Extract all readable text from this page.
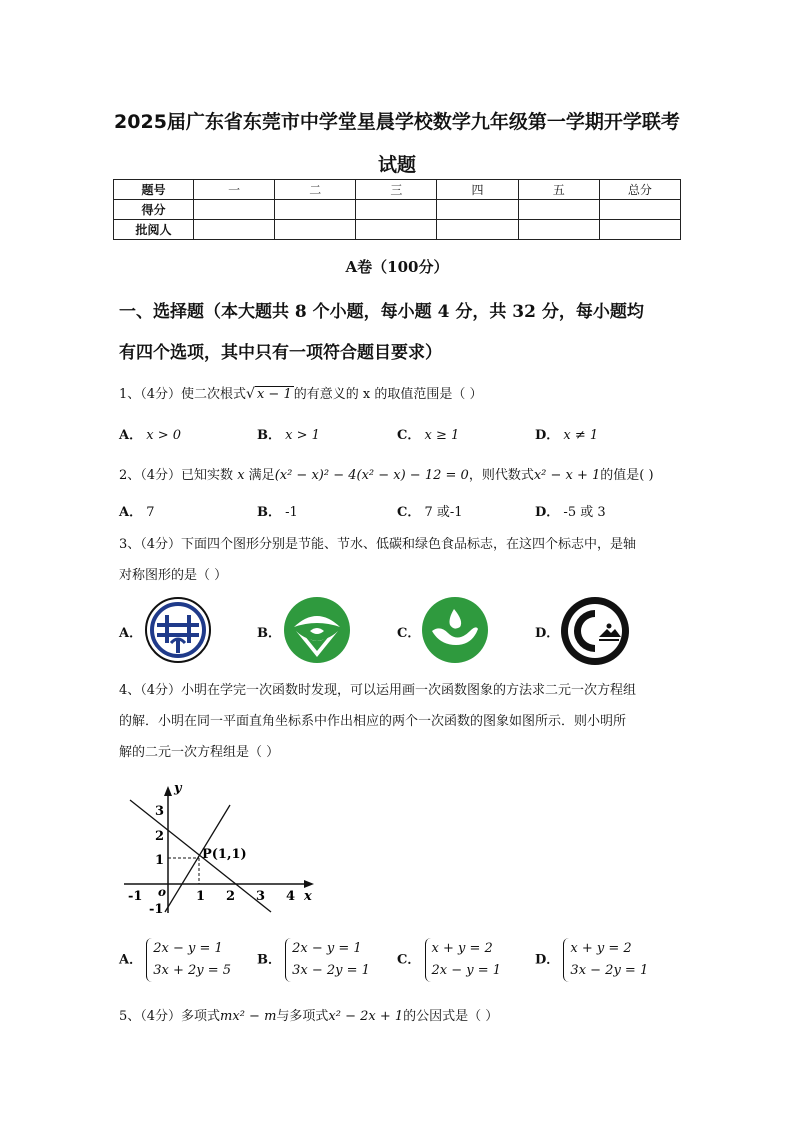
2025届广东省东莞市中学堂星晨学校数学九年级第一学期开学联考
试题
题号	一	二	三	四	五	总分
得分						
批阅人						
A卷（100分）
一、选择题（本大题共 8 个小题，每小题 4 分，共 32 分，每小题均
有四个选项，其中只有一项符合题目要求）
1、（4分）使二次根式√ x − 1 的有意义的 x 的取值范围是（ ）
A． x > 0	B． x > 1	C． x ≥ 1	D． x ≠ 1
2、（4分）已知实数 x 满足(x² − x)² − 4(x² − x) − 12 = 0，则代数式x² − x + 1的值是( )
A． 7	B． -1	C． 7 或-1	D． -5 或 3
3、（4分）下面四个图形分别是节能、节水、低碳和绿色食品标志，在这四个标志中，是轴
对称图形的是（ ）
A．	B．	C．	D．
4、（4分）小明在学完一次函数时发现，可以运用画一次函数图象的方法求二元一次方程组
的解．小明在同一平面直角坐标系中作出相应的两个一次函数的图象如图所示．则小明所
解的二元一次方程组是（ ）
y
x
o
P(1,1)
-1	1 2 3 4
3
2
1
-1
A． 2x − y = 1
3x + 2y = 5
B． 2x − y = 1
3x − 2y = 1
C． x + y = 2
2x − y = 1
D． x + y = 2
3x − 2y = 1
5、（4分）多项式mx² − m与多项式x² − 2x + 1的公因式是（ ）
